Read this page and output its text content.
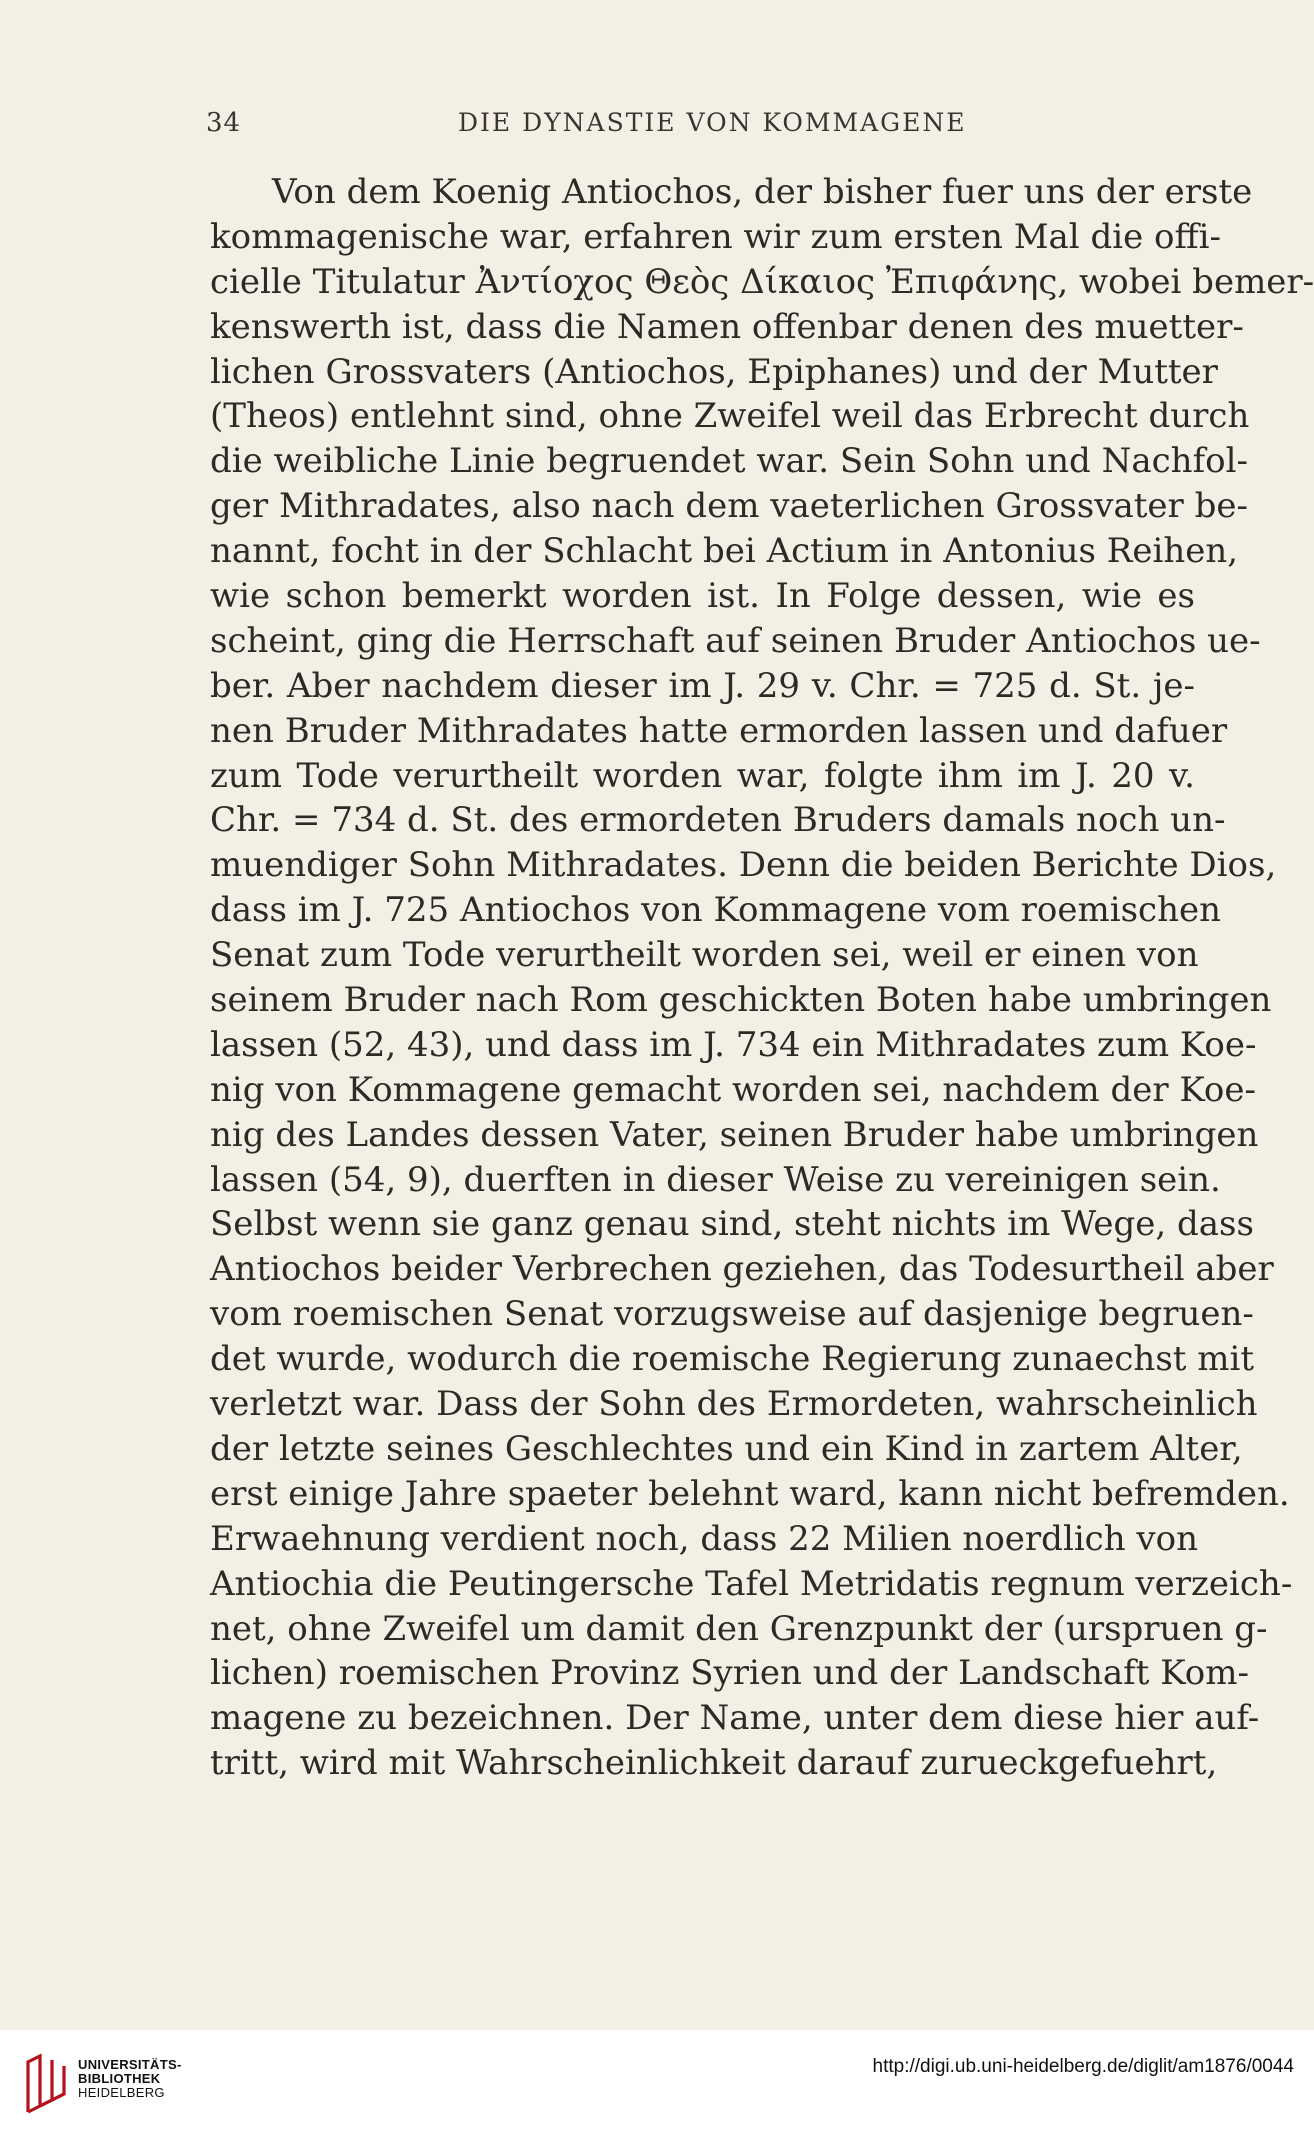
34	DIE DYNASTIE VON KOMMAGENE
Von dem Koenig Antiochos, der bisher fuer uns der erste
kommagenische war, erfahren wir zum ersten Mal die offi-
cielle Titulatur Ἀντίοχος Θεὸς Δίκαιος Ἐπιφάνης, wobei bemer-
kenswerth ist, dass die Namen offenbar denen des muetter-
lichen Grossvaters (Antiochos, Epiphanes) und der Mutter
(Theos) entlehnt sind, ohne Zweifel weil das Erbrecht durch
die weibliche Linie begruendet war. Sein Sohn und Nachfol-
ger Mithradates, also nach dem vaeterlichen Grossvater be-
nannt, focht in der Schlacht bei Actium in Antonius Reihen,
wie schon bemerkt worden ist. In Folge dessen, wie es
scheint, ging die Herrschaft auf seinen Bruder Antiochos ue-
ber. Aber nachdem dieser im J. 29 v. Chr. = 725 d. St. je-
nen Bruder Mithradates hatte ermorden lassen und dafuer
zum Tode verurtheilt worden war, folgte ihm im J. 20 v.
Chr. = 734 d. St. des ermordeten Bruders damals noch un-
muendiger Sohn Mithradates. Denn die beiden Berichte Dios,
dass im J. 725 Antiochos von Kommagene vom roemischen
Senat zum Tode verurtheilt worden sei, weil er einen von
seinem Bruder nach Rom geschickten Boten habe umbringen
lassen (52, 43), und dass im J. 734 ein Mithradates zum Koe-
nig von Kommagene gemacht worden sei, nachdem der Koe-
nig des Landes dessen Vater, seinen Bruder habe umbringen
lassen (54, 9), duerften in dieser Weise zu vereinigen sein.
Selbst wenn sie ganz genau sind, steht nichts im Wege, dass
Antiochos beider Verbrechen geziehen, das Todesurtheil aber
vom roemischen Senat vorzugsweise auf dasjenige begruen-
det wurde, wodurch die roemische Regierung zunaechst mit
verletzt war. Dass der Sohn des Ermordeten, wahrscheinlich
der letzte seines Geschlechtes und ein Kind in zartem Alter,
erst einige Jahre spaeter belehnt ward, kann nicht befremden.
Erwaehnung verdient noch, dass 22 Milien noerdlich von
Antiochia die Peutingersche Tafel Metridatis regnum verzeich-
net, ohne Zweifel um damit den Grenzpunkt der (urspruen g-
lichen) roemischen Provinz Syrien und der Landschaft Kom-
magene zu bezeichnen. Der Name, unter dem diese hier auf-
tritt, wird mit Wahrscheinlichkeit darauf zurueckgefuehrt,
UNIVERSITÄTS-
BIBLIOTHEK
HEIDELBERG
http://digi.ub.uni-heidelberg.de/diglit/am1876/0044
